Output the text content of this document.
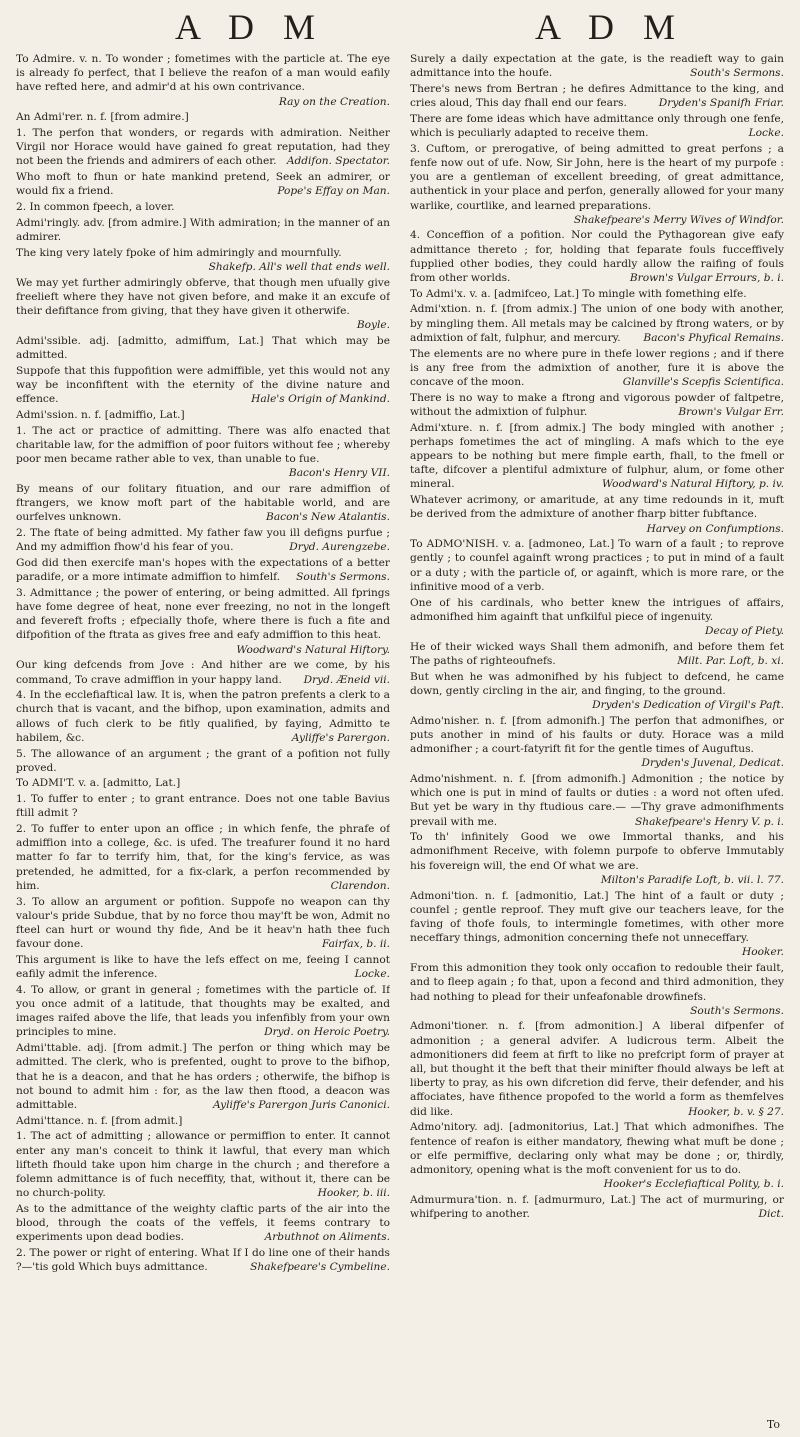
A D M	A D M
To Admire. v. n. To wonder ; fometimes with the particle at. The eye is already fo perfect, that I believe the reafon of a man would eafily have refted here, and admir'd at his own contrivance.
Ray on the Creation.
An Admi'rer. n. f. [from admire.]
1. The perfon that wonders, or regards with admiration. Neither Virgil nor Horace would have gained fo great reputation, had they not been the friends and admirers of each other. Addifon. Spectator.
Who moft to fhun or hate mankind pretend, Seek an admirer, or would fix a friend.	Pope's Effay on Man.
2. In common fpeech, a lover.
Admi'ringly. adv. [from admire.] With admiration; in the manner of an admirer.
The king very lately fpoke of him admiringly and mournfully.
Shakefp. All's well that ends well.
We may yet further admiringly obferve, that though men ufually give freelieft where they have not given before, and make it an excufe of their defiftance from giving, that they have given it otherwife.
Boyle.
Admi'ssible. adj. [admitto, admiffum, Lat.] That which may be admitted.
Suppofe that this fuppofition were admiffible, yet this would not any way be inconfiftent with the eternity of the divine nature and effence.	Hale's Origin of Mankind.
Admi'ssion. n. f. [admiffio, Lat.]
1. The act or practice of admitting. There was alfo enacted that charitable law, for the admiffion of poor fuitors without fee ; whereby poor men became rather able to vex, than unable to fue.
Bacon's Henry VII.
By means of our folitary fituation, and our rare admiffion of ftrangers, we know moft part of the habitable world, and are ourfelves unknown.	Bacon's New Atalantis.
2. The ftate of being admitted. My father faw you ill defigns purfue ; And my admiffion fhow'd his fear of you.	Dryd. Aurengzebe.
God did then exercife man's hopes with the expectations of a better paradife, or a more intimate admiffion to himfelf.	South's Sermons.
3. Admittance ; the power of entering, or being admitted. All fprings have fome degree of heat, none ever freezing, no not in the longeft and fevereft frofts ; efpecially thofe, where there is fuch a fite and difpofition of the ftrata as gives free and eafy admiffion to this heat.
Woodward's Natural Hiftory.
Our king defcends from Jove : And hither are we come, by his command, To crave admiffion in your happy land.	Dryd. Æneid vii.
4. In the ecclefiaftical law. It is, when the patron prefents a clerk to a church that is vacant, and the bifhop, upon examination, admits and allows of fuch clerk to be fitly qualified, by faying, Admitto te habilem, &c.	Ayliffe's Parergon.
5. The allowance of an argument ; the grant of a pofition not fully proved.
To ADMI'T. v. a. [admitto, Lat.]
1. To fuffer to enter ; to grant entrance. Does not one table Bavius ftill admit ?
2. To fuffer to enter upon an office ; in which fenfe, the phrafe of admiffion into a college, &c. is ufed. The treafurer found it no hard matter fo far to terrify him, that, for the king's fervice, as was pretended, he admitted, for a fix-clark, a perfon recommended by him.	Clarendon.
3. To allow an argument or pofition. Suppofe no weapon can thy valour's pride Subdue, that by no force thou may'ft be won, Admit no fteel can hurt or wound thy fide, And be it heav'n hath thee fuch favour done.	Fairfax, b. ii.
This argument is like to have the lefs effect on me, feeing I cannot eafily admit the inference.	Locke.
4. To allow, or grant in general ; fometimes with the particle of. If you once admit of a latitude, that thoughts may be exalted, and images raifed above the life, that leads you infenfibly from your own principles to mine.	Dryd. on Heroic Poetry.
Admi'ttable. adj. [from admit.] The perfon or thing which may be admitted. The clerk, who is prefented, ought to prove to the bifhop, that he is a deacon, and that he has orders ; otherwife, the bifhop is not bound to admit him : for, as the law then ftood, a deacon was admittable.	Ayliffe's Parergon Juris Canonici.
Admi'ttance. n. f. [from admit.]
1. The act of admitting ; allowance or permiffion to enter. It cannot enter any man's conceit to think it lawful, that every man which lifteth fhould take upon him charge in the church ; and therefore a folemn admittance is of fuch neceffity, that, without it, there can be no church-polity.	Hooker, b. iii.
As to the admittance of the weighty claftic parts of the air into the blood, through the coats of the veffels, it feems contrary to experiments upon dead bodies.	Arbuthnot on Aliments.
2. The power or right of entering. What If I do line one of their hands ?—'tis gold Which buys admittance.	Shakefpeare's Cymbeline.
Surely a daily expectation at the gate, is the readieft way to gain admittance into the houfe.	South's Sermons.
There's news from Bertran ; he defires Admittance to the king, and cries aloud, This day fhall end our fears.	Dryden's Spanifh Friar.
There are fome ideas which have admittance only through one fenfe, which is peculiarly adapted to receive them.	Locke.
3. Cuftom, or prerogative, of being admitted to great perfons ; a fenfe now out of ufe. Now, Sir John, here is the heart of my purpofe : you are a gentleman of excellent breeding, of great admittance, authentick in your place and perfon, generally allowed for your many warlike, courtlike, and learned preparations.
Shakefpeare's Merry Wives of Windfor.
4. Conceffion of a pofition. Nor could the Pythagorean give eafy admittance thereto ; for, holding that feparate fouls fucceffively fupplied other bodies, they could hardly allow the raifing of fouls from other worlds.	Brown's Vulgar Errours, b. i.
To Admi'x. v. a. [admifceo, Lat.] To mingle with fomething elfe.
Admi'xtion. n. f. [from admix.] The union of one body with another, by mingling them. All metals may be calcined by ftrong waters, or by admixtion of falt, fulphur, and mercury.	Bacon's Phyfical Remains.
The elements are no where pure in thefe lower regions ; and if there is any free from the admixtion of another, fure it is above the concave of the moon.	Glanville's Scepfis Scientifica.
There is no way to make a ftrong and vigorous powder of faltpetre, without the admixtion of fulphur.	Brown's Vulgar Err.
Admi'xture. n. f. [from admix.] The body mingled with another ; perhaps fometimes the act of mingling. A mafs which to the eye appears to be nothing but mere fimple earth, fhall, to the fmell or tafte, difcover a plentiful admixture of fulphur, alum, or fome other mineral.	Woodward's Natural Hiftory, p. iv.
Whatever acrimony, or amaritude, at any time redounds in it, muft be derived from the admixture of another fharp bitter fubftance.
Harvey on Confumptions.
To ADMO'NISH. v. a. [admoneo, Lat.] To warn of a fault ; to reprove gently ; to counfel againft wrong practices ; to put in mind of a fault or a duty ; with the particle of, or againft, which is more rare, or the infinitive mood of a verb.
One of his cardinals, who better knew the intrigues of affairs, admonifhed him againft that unfkilful piece of ingenuity.
Decay of Piety.
He of their wicked ways Shall them admonifh, and before them fet The paths of righteoufnefs.	Milt. Par. Loft, b. xi.
But when he was admonifhed by his fubject to defcend, he came down, gently circling in the air, and finging, to the ground.
Dryden's Dedication of Virgil's Paft.
Admo'nisher. n. f. [from admonifh.] The perfon that admonifhes, or puts another in mind of his faults or duty. Horace was a mild admonifher ; a court-fatyrift fit for the gentle times of Auguftus.
Dryden's Juvenal, Dedicat.
Admo'nishment. n. f. [from admonifh.] Admonition ; the notice by which one is put in mind of faults or duties : a word not often ufed. But yet be wary in thy ftudious care.— —Thy grave admonifhments prevail with me.	Shakefpeare's Henry V. p. i.
To th' infinitely Good we owe Immortal thanks, and his admonifhment Receive, with folemn purpofe to obferve Immutably his fovereign will, the end Of what we are.
Milton's Paradife Loft, b. vii. l. 77.
Admoni'tion. n. f. [admonitio, Lat.] The hint of a fault or duty ; counfel ; gentle reproof. They muft give our teachers leave, for the faving of thofe fouls, to intermingle fometimes, with other more neceffary things, admonition concerning thefe not unneceffary.
Hooker.
From this admonition they took only occafion to redouble their fault, and to fleep again ; fo that, upon a fecond and third admonition, they had nothing to plead for their unfeafonable drowfinefs.
South's Sermons.
Admoni'tioner. n. f. [from admonition.] A liberal difpenfer of admonition ; a general advifer. A ludicrous term. Albeit the admonitioners did feem at firft to like no prefcript form of prayer at all, but thought it the beft that their minifter fhould always be left at liberty to pray, as his own difcretion did ferve, their defender, and his affociates, have fithence propofed to the world a form as themfelves did like.	Hooker, b. v. § 27.
Admo'nitory. adj. [admonitorius, Lat.] That which admonifhes. The fentence of reafon is either mandatory, fhewing what muft be done ; or elfe permiffive, declaring only what may be done ; or, thirdly, admonitory, opening what is the moft convenient for us to do.
Hooker's Ecclefiaftical Polity, b. i.
Admurmura'tion. n. f. [admurmuro, Lat.] The act of murmuring, or whifpering to another.	Dict.
To
